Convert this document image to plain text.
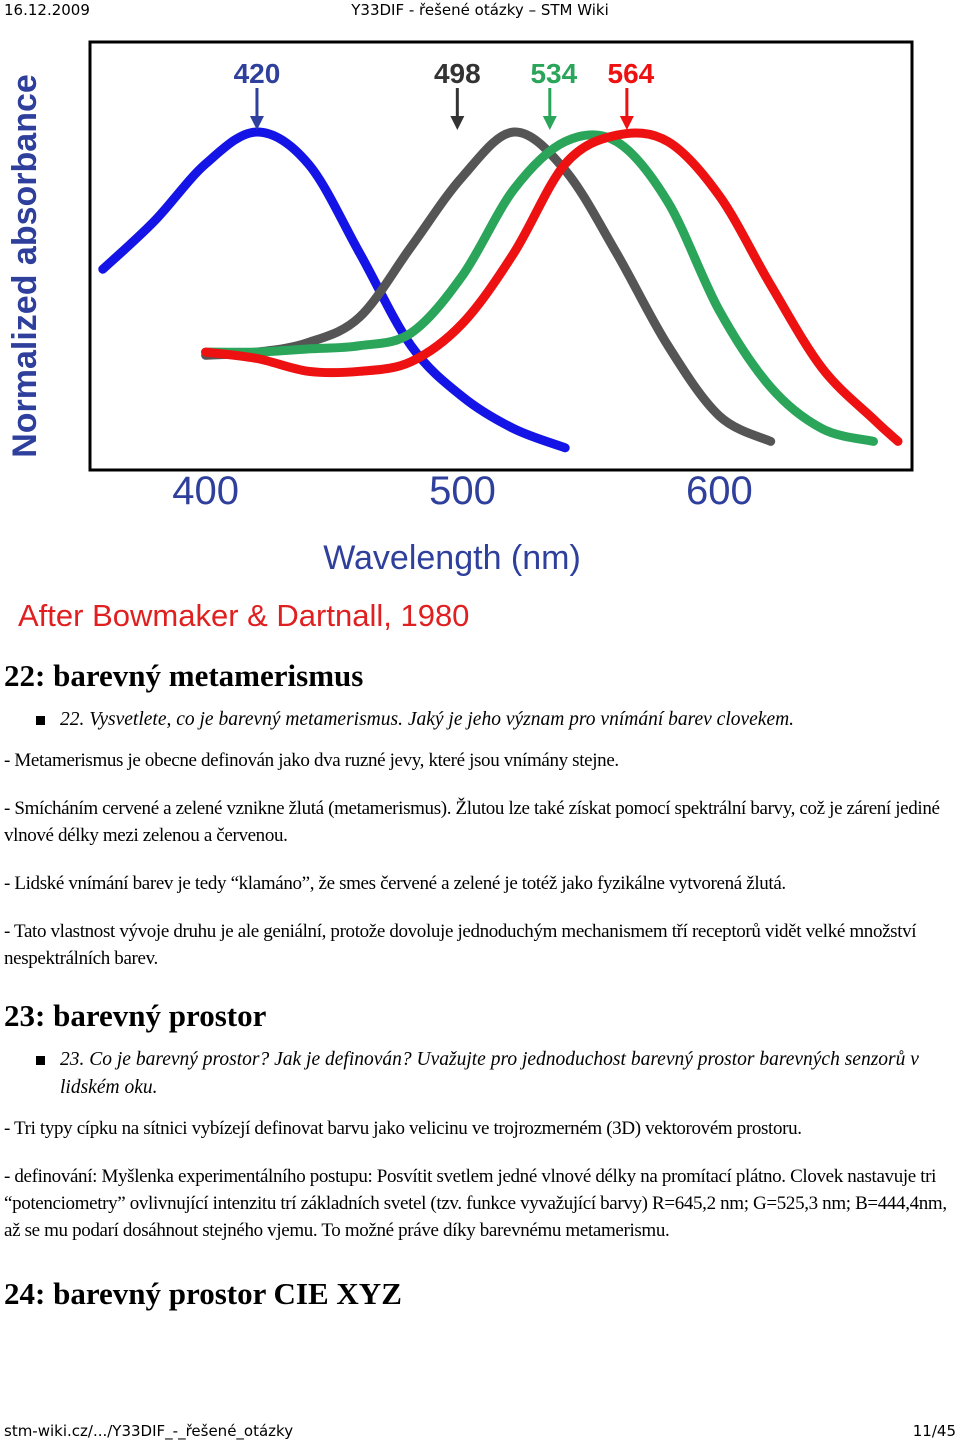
16.12.2009	Y33DIF - řešené otázky – STM Wiki
Normalized absorbance
420	498 534 564
400	500	600
Wavelength (nm)
After Bowmaker & Dartnall, 1980
22: barevný metamerismus
22. Vysvetlete, co je barevný metamerismus. Jaký je jeho význam pro vnímání barev clovekem.

- Metamerismus je obecne definován jako dva ruzné jevy, které jsou vnímány stejne.

- Smícháním cervené a zelené vznikne žlutá (metamerismus). Žlutou lze také získat pomocí spektrální barvy, což je zárení jediné vlnové délky mezi zelenou a červenou.

- Lidské vnímání barev je tedy “klamáno”, že smes červené a zelené je totéž jako fyzikálne vytvorená žlutá.

- Tato vlastnost vývoje druhu je ale geniální, protože dovoluje jednoduchým mechanismem tří receptorů vidět velké množství nespektrálních barev.

23: barevný prostor
23. Co je barevný prostor? Jak je definován? Uvažujte pro jednoduchost barevný prostor barevných senzorů v lidském oku.

- Tri typy cípku na sítnici vybízejí definovat barvu jako velicinu ve trojrozmerném (3D) vektorovém prostoru.

- definování: Myšlenka experimentálního postupu: Posvítit svetlem jedné vlnové délky na promítací plátno. Clovek nastavuje tri “potenciometry” ovlivnující intenzitu trí základních svetel (tzv. funkce vyvažující barvy) R=645,2 nm; G=525,3 nm; B=444,4nm, až se mu podarí dosáhnout stejného vjemu. To možné práve díky barevnému metamerismu.

24: barevný prostor CIE XYZ
stm-wiki.cz/.../Y33DIF_-_řešené_otázky	11/45
